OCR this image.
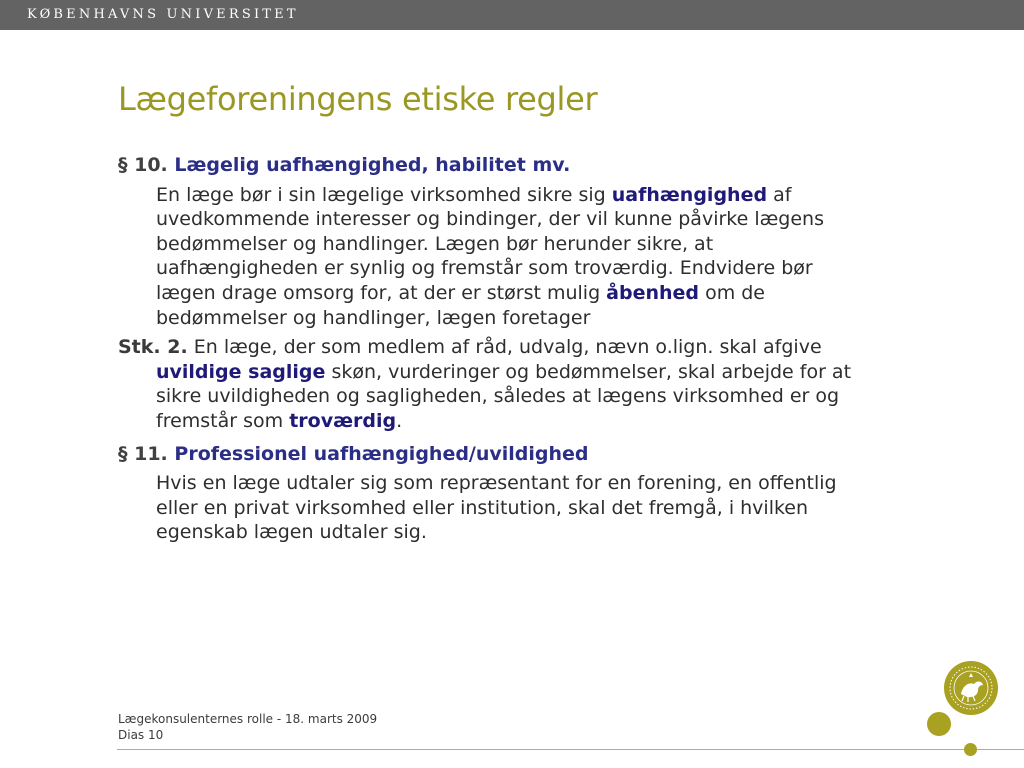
KØBENHAVNS UNIVERSITET
Lægeforeningens etiske regler

§ 10. Lægelig uafhængighed, habilitet mv.

En læge bør i sin lægelige virksomhed sikre sig uafhængighed af uvedkommende interesser og bindinger, der vil kunne påvirke lægens bedømmelser og handlinger. Lægen bør herunder sikre, at uafhængigheden er synlig og fremstår som troværdig. Endvidere bør lægen drage omsorg for, at der er størst mulig åbenhed om de bedømmelser og handlinger, lægen foretager

Stk. 2. En læge, der som medlem af råd, udvalg, nævn o.lign. skal afgive uvildige saglige skøn, vurderinger og bedømmelser, skal arbejde for at sikre uvildigheden og sagligheden, således at lægens virksomhed er og fremstår som troværdig.

§ 11. Professionel uafhængighed/uvildighed

Hvis en læge udtaler sig som repræsentant for en forening, en offentlig eller en privat virksomhed eller institution, skal det fremgå, i hvilken egenskab lægen udtaler sig.

Lægekonsulenternes rolle - 18. marts 2009
Dias 10
